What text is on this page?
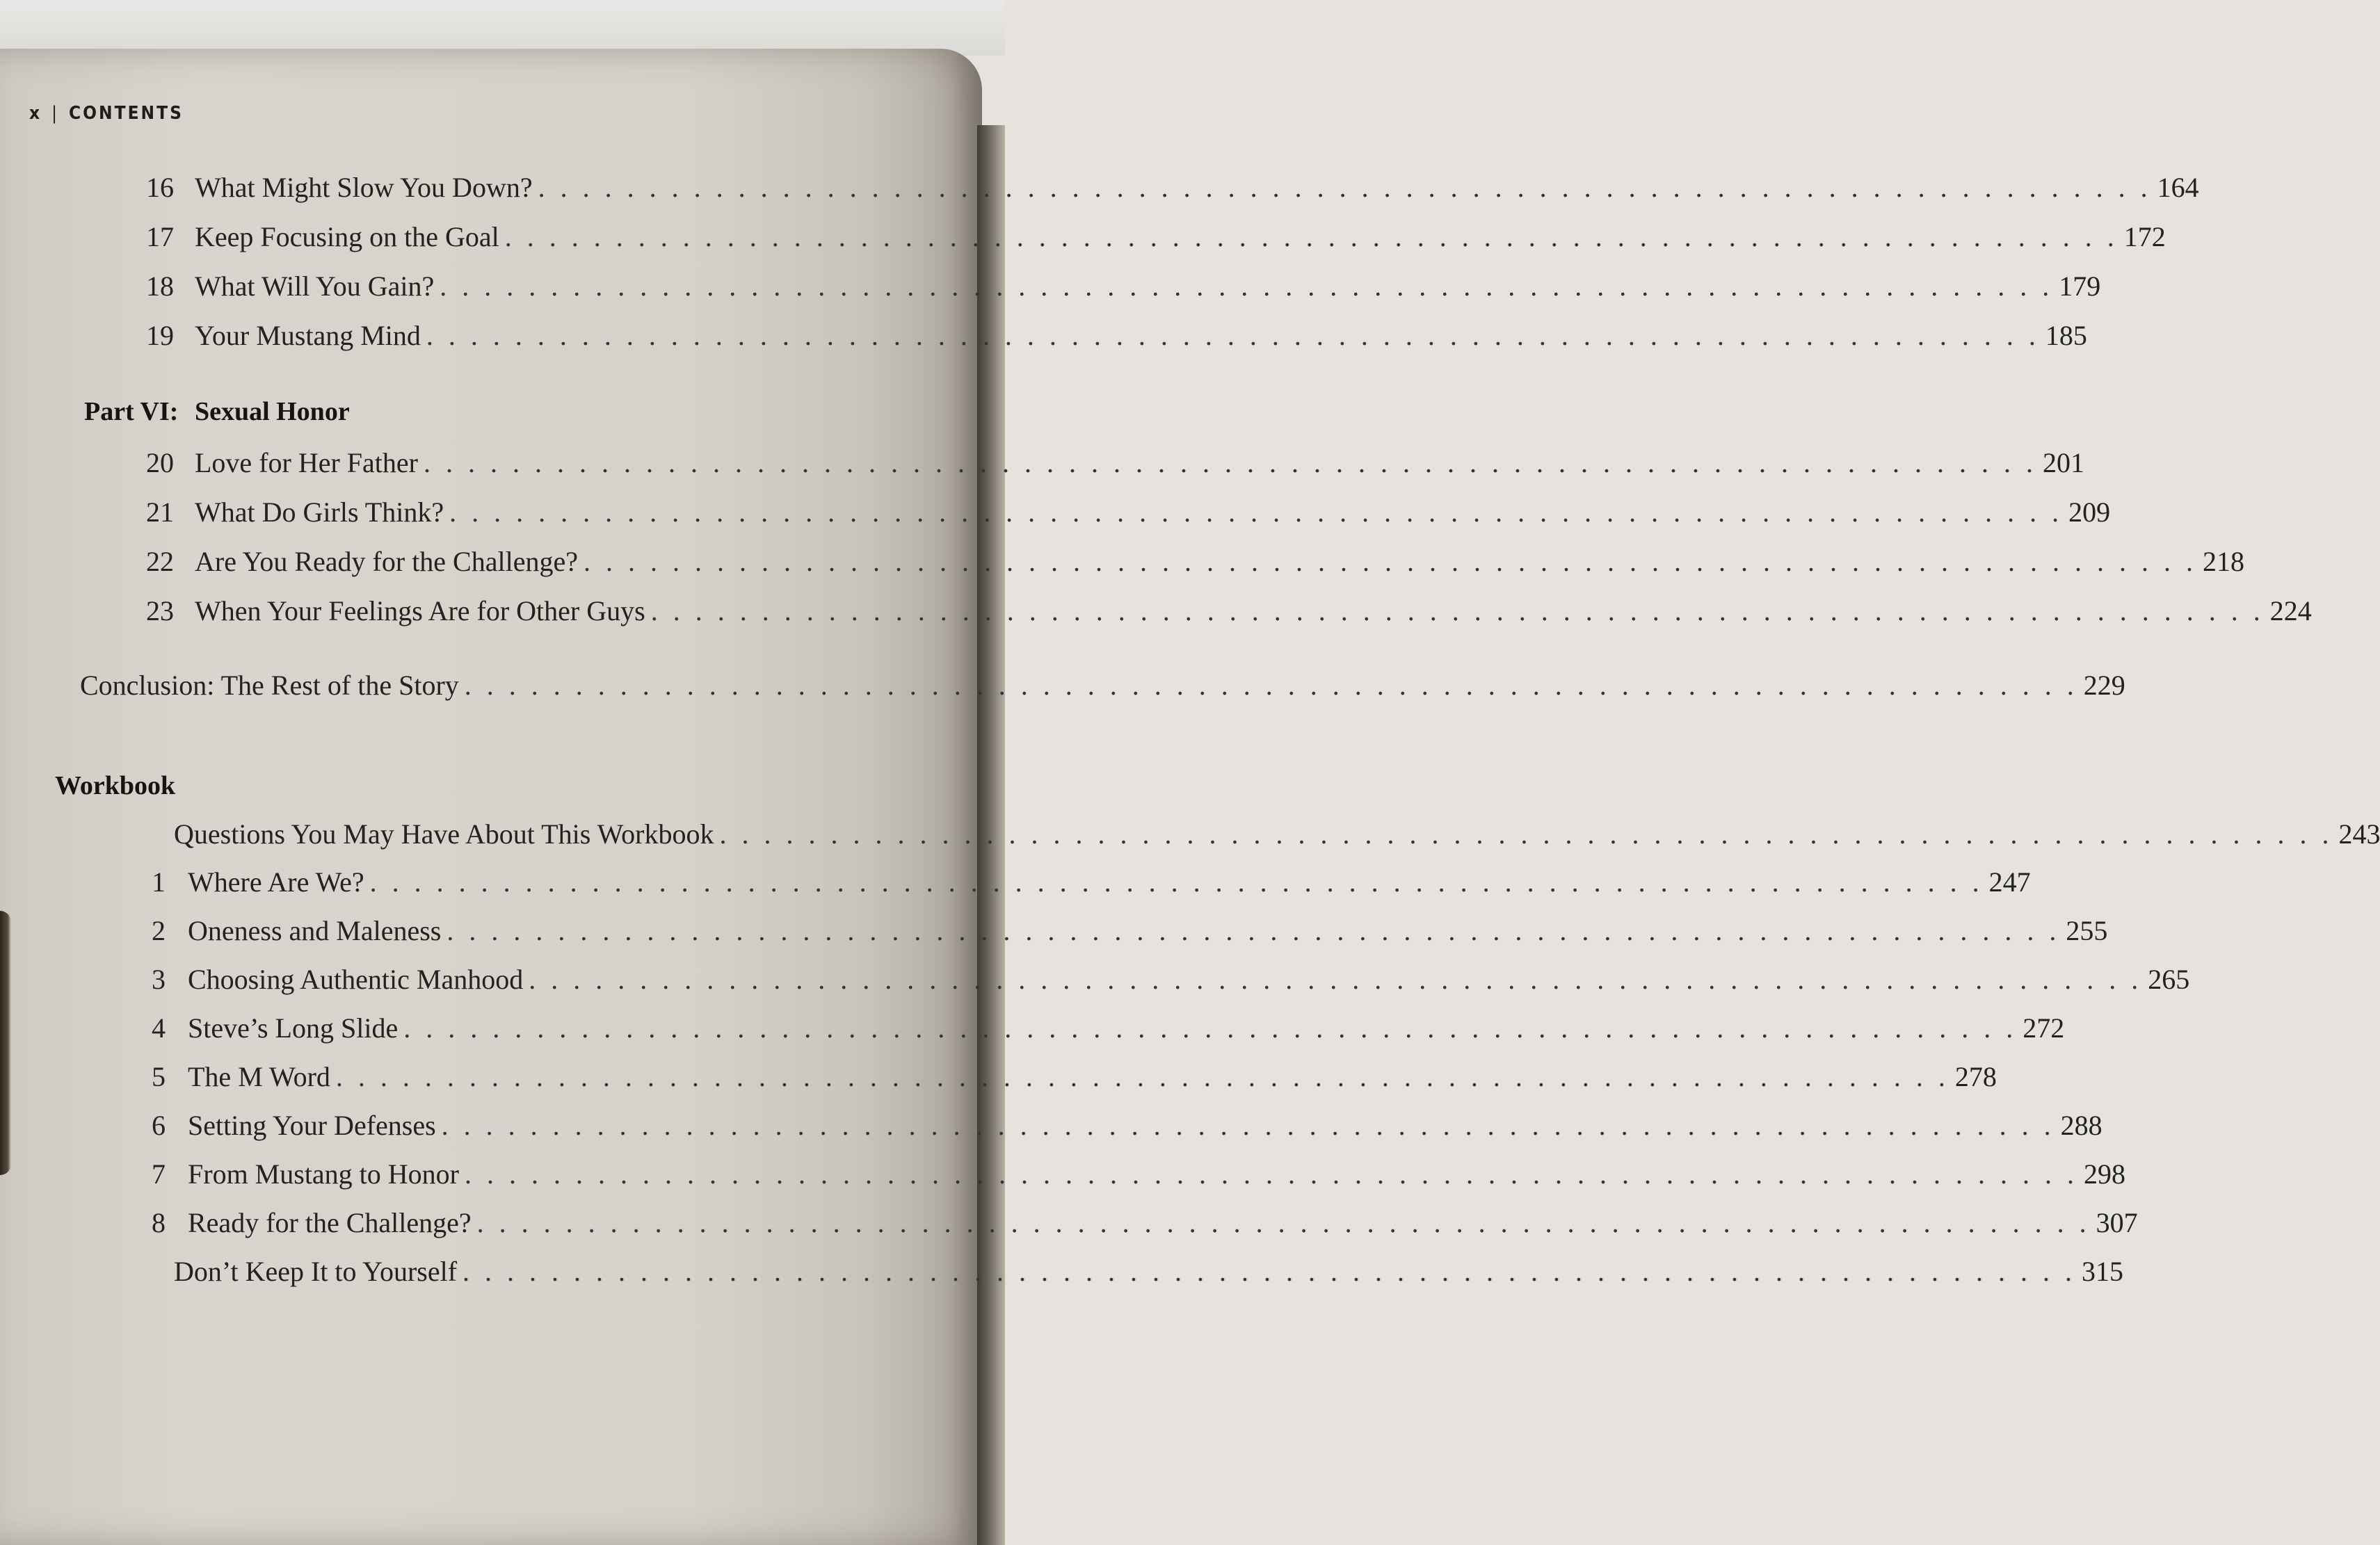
x | CONTENTS
16 What Might Slow You Down? . . . . . . . . . . . . . . . . . . . . . . . . . . . . . . . . . . . . . . . . . . . . . . . . . . . . . . . . . . . . . . . . . . . . . . . . . 164
17 Keep Focusing on the Goal . . . . . . . . . . . . . . . . . . . . . . . . . . . . . . . . . . . . . . . . . . . . . . . . . . . . . . . . . . . . . . . . . . . . . . . . . 172
18 What Will You Gain? . . . . . . . . . . . . . . . . . . . . . . . . . . . . . . . . . . . . . . . . . . . . . . . . . . . . . . . . . . . . . . . . . . . . . . . . . 179
19 Your Mustang Mind . . . . . . . . . . . . . . . . . . . . . . . . . . . . . . . . . . . . . . . . . . . . . . . . . . . . . . . . . . . . . . . . . . . . . . . . . 185
Part VI: Sexual Honor
20 Love for Her Father . . . . . . . . . . . . . . . . . . . . . . . . . . . . . . . . . . . . . . . . . . . . . . . . . . . . . . . . . . . . . . . . . . . . . . . . . 201
21 What Do Girls Think? . . . . . . . . . . . . . . . . . . . . . . . . . . . . . . . . . . . . . . . . . . . . . . . . . . . . . . . . . . . . . . . . . . . . . . . . . 209
22 Are You Ready for the Challenge? . . . . . . . . . . . . . . . . . . . . . . . . . . . . . . . . . . . . . . . . . . . . . . . . . . . . . . . . . . . . . . . . . . . . . . . . . 218
23 When Your Feelings Are for Other Guys . . . . . . . . . . . . . . . . . . . . . . . . . . . . . . . . . . . . . . . . . . . . . . . . . . . . . . . . . . . . . . . . . . . . . . . . . 224
Conclusion: The Rest of the Story . . . . . . . . . . . . . . . . . . . . . . . . . . . . . . . . . . . . . . . . . . . . . . . . . . . . . . . . . . . . . . . . . . . . . . . . . 229
Workbook
Questions You May Have About This Workbook . . . . . . . . . . . . . . . . . . . . . . . . . . . . . . . . . . . . . . . . . . . . . . . . . . . . . . . . . . . . . . . . . . . . . . . . . 243
1 Where Are We? . . . . . . . . . . . . . . . . . . . . . . . . . . . . . . . . . . . . . . . . . . . . . . . . . . . . . . . . . . . . . . . . . . . . . . . . . 247
2 Oneness and Maleness . . . . . . . . . . . . . . . . . . . . . . . . . . . . . . . . . . . . . . . . . . . . . . . . . . . . . . . . . . . . . . . . . . . . . . . . . 255
3 Choosing Authentic Manhood . . . . . . . . . . . . . . . . . . . . . . . . . . . . . . . . . . . . . . . . . . . . . . . . . . . . . . . . . . . . . . . . . . . . . . . . . 265
4 Steve’s Long Slide . . . . . . . . . . . . . . . . . . . . . . . . . . . . . . . . . . . . . . . . . . . . . . . . . . . . . . . . . . . . . . . . . . . . . . . . . 272
5 The M Word . . . . . . . . . . . . . . . . . . . . . . . . . . . . . . . . . . . . . . . . . . . . . . . . . . . . . . . . . . . . . . . . . . . . . . . . . 278
6 Setting Your Defenses . . . . . . . . . . . . . . . . . . . . . . . . . . . . . . . . . . . . . . . . . . . . . . . . . . . . . . . . . . . . . . . . . . . . . . . . . 288
7 From Mustang to Honor . . . . . . . . . . . . . . . . . . . . . . . . . . . . . . . . . . . . . . . . . . . . . . . . . . . . . . . . . . . . . . . . . . . . . . . . . 298
8 Ready for the Challenge? . . . . . . . . . . . . . . . . . . . . . . . . . . . . . . . . . . . . . . . . . . . . . . . . . . . . . . . . . . . . . . . . . . . . . . . . . 307
Don’t Keep It to Yourself . . . . . . . . . . . . . . . . . . . . . . . . . . . . . . . . . . . . . . . . . . . . . . . . . . . . . . . . . . . . . . . . . . . . . . . . . 315
